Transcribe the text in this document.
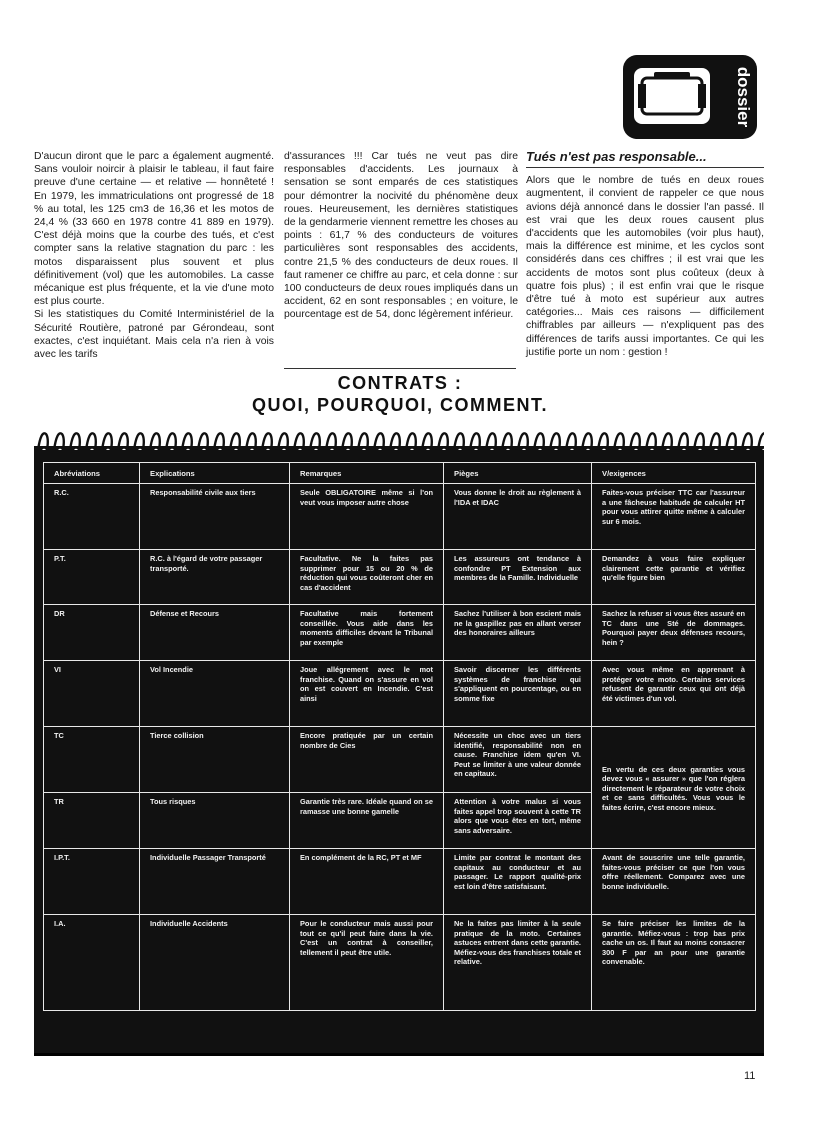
dossier

D'aucun diront que le parc a également augmenté. Sans vouloir noircir à plaisir le tableau, il faut faire preuve d'une certaine — et relative — honnêteté ! En 1979, les immatriculations ont progressé de 18 % au total, les 125 cm3 de 16,36 et les motos de 24,4 % (33 660 en 1978 contre 41 889 en 1979). C'est déjà moins que la courbe des tués, et c'est compter sans la relative stagnation du parc : les motos disparaissent plus souvent et plus définitivement (vol) que les automobiles. La casse mécanique est plus fréquente, et la vie d'une moto est plus courte.

Si les statistiques du Comité Interministériel de la Sécurité Routière, patroné par Gérondeau, sont exactes, c'est inquiétant. Mais cela n'a rien à vois avec les tarifs

d'assurances !!! Car tués ne veut pas dire responsables d'accidents. Les journaux à sensation se sont emparés de ces statistiques pour démontrer la nocivité du phénomène deux roues. Heureusement, les dernières statistiques de la gendarmerie viennent remettre les choses au points : 61,7 % des conducteurs de voitures particulières sont responsables des accidents, contre 21,5 % des conducteurs de deux roues. Il faut ramener ce chiffre au parc, et cela donne : sur 100 conducteurs de deux roues impliqués dans un accident, 62 en sont responsables ; en voiture, le pourcentage est de 54, donc légèrement inférieur.

Tués n'est pas responsable...

Alors que le nombre de tués en deux roues augmentent, il convient de rappeler ce que nous avions déjà annoncé dans le dossier l'an passé. Il est vrai que les deux roues causent plus d'accidents que les automobiles (voir plus haut), mais la différence est minime, et les cyclos sont considérés dans ces chiffres ; il est vrai que les accidents de motos sont plus coûteux (deux à quatre fois plus) ; il est enfin vrai que le risque d'être tué à moto est supérieur aux autres catégories... Mais ces raisons — difficilement chiffrables par ailleurs — n'expliquent pas des différences de tarifs aussi importantes. Ce qui les justifie porte un nom : gestion !

CONTRATS :
QUOI, POURQUOI, COMMENT.
Abréviations	Explications	Remarques	Pièges	V/exigences
R.C.	Responsabilité civile aux tiers	Seule OBLIGATOIRE même si l'on veut vous imposer autre chose	Vous donne le droit au règlement à l'IDA et IDAC	Faites-vous préciser TTC car l'assureur a une fâcheuse habitude de calculer HT pour vous attirer quitte même à calculer sur 6 mois.
P.T.	R.C. à l'égard de votre passager transporté.	Facultative. Ne la faites pas supprimer pour 15 ou 20 % de réduction qui vous coûteront cher en cas d'accident	Les assureurs ont tendance à confondre PT Extension aux membres de la Famille. Individuelle	Demandez à vous faire expliquer clairement cette garantie et vérifiez qu'elle figure bien
DR	Défense et Recours	Facultative mais fortement conseillée. Vous aide dans les moments difficiles devant le Tribunal par exemple	Sachez l'utiliser à bon escient mais ne la gaspillez pas en allant verser des honoraires ailleurs	Sachez la refuser si vous êtes assuré en TC dans une Sté de dommages. Pourquoi payer deux défenses recours, hein ?
VI	Vol Incendie	Joue allégrement avec le mot franchise. Quand on s'assure en vol on est couvert en Incendie. C'est ainsi	Savoir discerner les différents systèmes de franchise qui s'appliquent en pourcentage, ou en somme fixe	Avec vous même en apprenant à protéger votre moto. Certains services refusent de garantir ceux qui ont déjà été victimes d'un vol.
TC	Tierce collision	Encore pratiquée par un certain nombre de Cies	Nécessite un choc avec un tiers identifié, responsabilité non en cause. Franchise idem qu'en VI. Peut se limiter à une valeur donnée en capitaux.	En vertu de ces deux garanties vous devez vous « assurer » que l'on réglera directement le réparateur de votre choix et ce sans difficultés. Vous vous le faites écrire, c'est encore mieux.
TR	Tous risques	Garantie très rare. Idéale quand on se ramasse une bonne gamelle	Attention à votre malus si vous faites appel trop souvent à cette TR alors que vous êtes en tort, même sans adversaire.	
I.P.T.	Individuelle Passager Transporté	En complément de la RC, PT et MF	Limite par contrat le montant des capitaux au conducteur et au passager. Le rapport qualité-prix est loin d'être satisfaisant.	Avant de souscrire une telle garantie, faites-vous préciser ce que l'on vous offre réellement. Comparez avec une bonne individuelle.
I.A.	Individuelle Accidents	Pour le conducteur mais aussi pour tout ce qu'il peut faire dans la vie. C'est un contrat à conseiller, tellement il peut être utile.	Ne la faites pas limiter à la seule pratique de la moto. Certaines astuces entrent dans cette garantie. Méfiez-vous des franchises totale et relative.	Se faire préciser les limites de la garantie. Méfiez-vous : trop bas prix cache un os. Il faut au moins consacrer 300 F par an pour une garantie convenable.
11
